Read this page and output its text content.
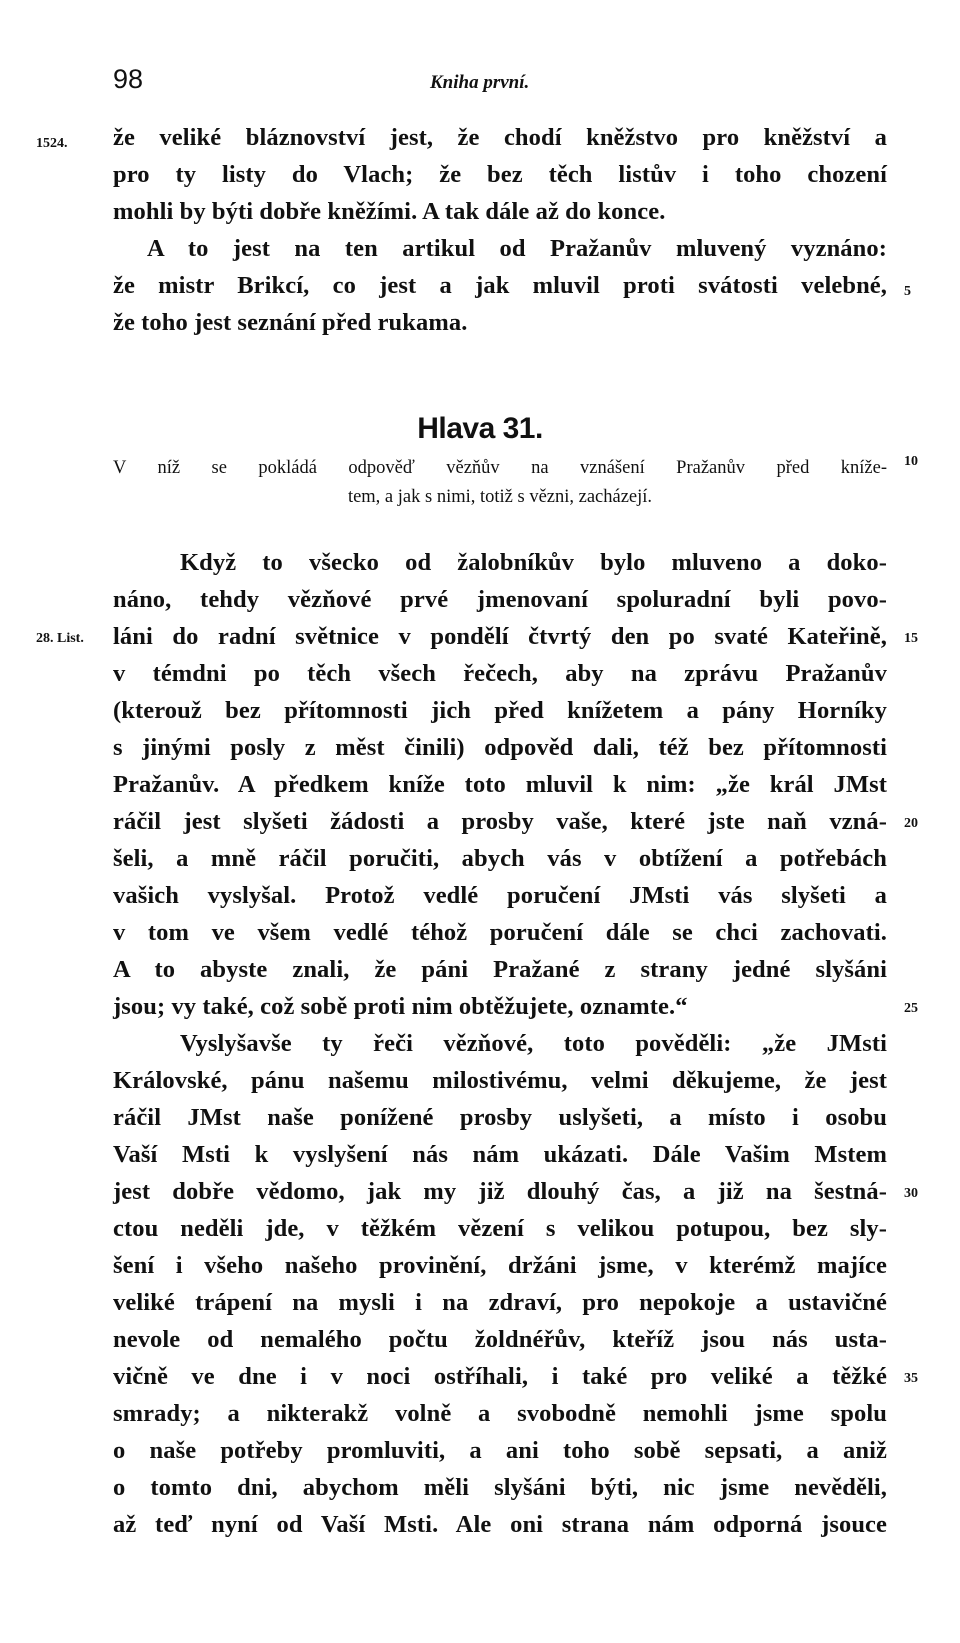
98	Kniha první.
1524. že veliké bláznovství jest, že chodí kněžstvo pro kněžství a
pro ty listy do Vlach; že bez těch listův i toho chození
mohli by býti dobře kněžími. A tak dále až do konce.
A to jest na ten artikul od Pražanův mluvený vyznáno:
že mistr Brikcí, co jest a jak mluvil proti svátosti velebné,
že toho jest seznání před rukama.
5
Hlava 31.
V níž se pokládá odpověď vězňův na vznášení Pražanův před kníže-
tem, a jak s nimi, totiž s vězni, zacházejí.
10
Když to všecko od žalobníkův bylo mluveno a doko-
náno, tehdy vězňové prvé jmenovaní spoluradní byli povo-
láni do radní světnice v pondělí čtvrtý den po svaté Kateřině,
28. List.	15
v témdni po těch všech řečech, aby na zprávu Pražanův
(kterouž bez přítomnosti jich před knížetem a pány Horníky
s jinými posly z měst činili) odpověd dali, též bez přítomnosti
Pražanův. A předkem kníže toto mluvil k nim: „že král JMst
ráčil jest slyšeti žádosti a prosby vaše, které jste naň vzná- 20
šeli, a mně ráčil poručiti, abych vás v obtížení a potřebách
vašich vyslyšal. Protož vedlé poručení JMsti vás slyšeti a
v tom ve všem vedlé téhož poručení dále se chci zachovati.
A to abyste znali, že páni Pražané z strany jedné slyšáni
jsou; vy také, což sobě proti nim obtěžujete, oznamte.“	25
Vyslyšavše ty řeči vězňové, toto pověděli: „že JMsti
Královské, pánu našemu milostivému, velmi děkujeme, že jest
ráčil JMst naše ponížené prosby uslyšeti, a místo i osobu
Vaší Msti k vyslyšení nás nám ukázati. Dále Vašim Mstem
jest dobře vědomo, jak my již dlouhý čas, a již na šestná- 30
ctou neděli jde, v těžkém vězení s velikou potupou, bez sly-
šení i všeho našeho provinění, držáni jsme, v kterémž majíce
veliké trápení na mysli i na zdraví, pro nepokoje a ustavičné
nevole od nemalého počtu žoldnéřův, kteříž jsou nás usta-
vičně ve dne i v noci ostříhali, i také pro veliké a těžké 35
smrady; a nikterakž volně a svobodně nemohli jsme spolu
o naše potřeby promluviti, a ani toho sobě sepsati, a aniž
o tomto dni, abychom měli slyšáni býti, nic jsme nevěděli,
až teď nyní od Vaší Msti. Ale oni strana nám odporná jsouce
